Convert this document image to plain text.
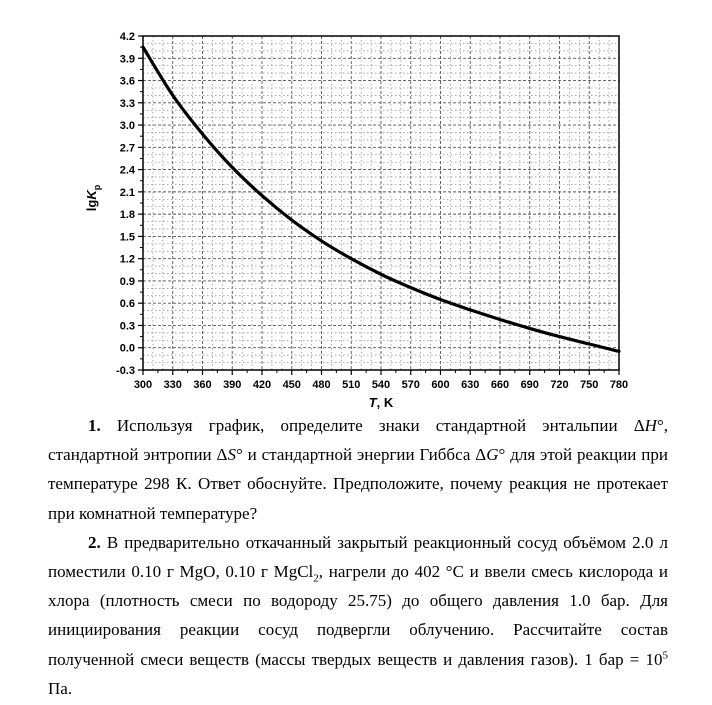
300 330 360 390 420 450 480 510 540 570 600 630 660 690 720 750 780
4.2
3.9
3.6
3.3
3.0
2.7
2.4
2.1
1.8
1.5
1.2
0.9
0.6
0.3
0.0
-0.3
T, K
lgK$_p$

1. Используя график, определите знаки стандартной энтальпии ΔH°, стандартной энтропии ΔS° и стандартной энергии Гиббса ΔG° для этой реакции при температуре 298 К. Ответ обоснуйте. Предположите, почему реакция не протекает при комнатной температуре?

2. В предварительно откачанный закрытый реакционный сосуд объёмом 2.0 л поместили 0.10 г MgO, 0.10 г MgCl$_2$, нагрели до 402 °C и ввели смесь кислорода и хлора (плотность смеси по водороду 25.75) до общего давления 1.0 бар. Для инициирования реакции сосуд подвергли облучению. Рассчитайте состав полученной смеси веществ (массы твердых веществ и давления газов). 1 бар = $10^5$ Па.
